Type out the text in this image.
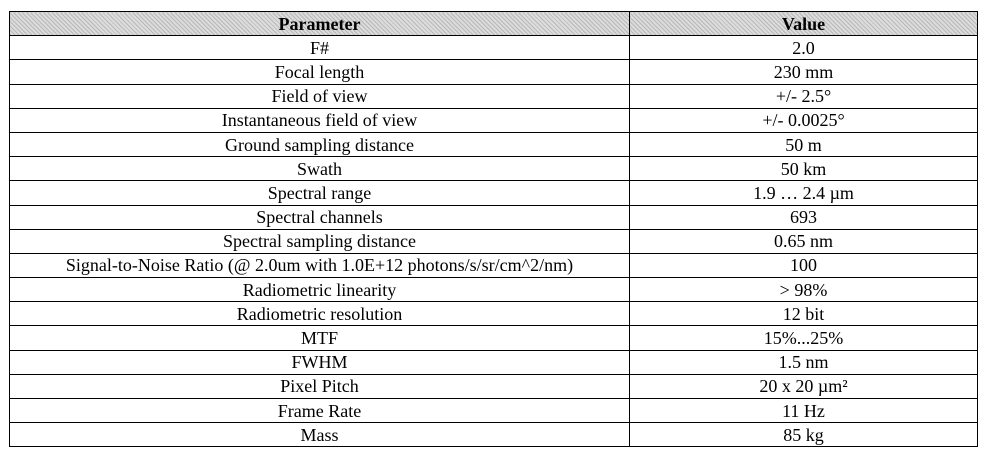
Parameter	Value
F#	2.0
Focal length	230 mm
Field of view	+/- 2.5°
Instantaneous field of view	+/- 0.0025°
Ground sampling distance	50 m
Swath	50 km
Spectral range	1.9 … 2.4 µm
Spectral channels	693
Spectral sampling distance	0.65 nm
Signal-to-Noise Ratio (@ 2.0um with 1.0E+12 photons/s/sr/cm^2/nm)	100
Radiometric linearity	> 98%
Radiometric resolution	12 bit
MTF	15%...25%
FWHM	1.5 nm
Pixel Pitch	20 x 20 µm²
Frame Rate	11 Hz
Mass	85 kg
